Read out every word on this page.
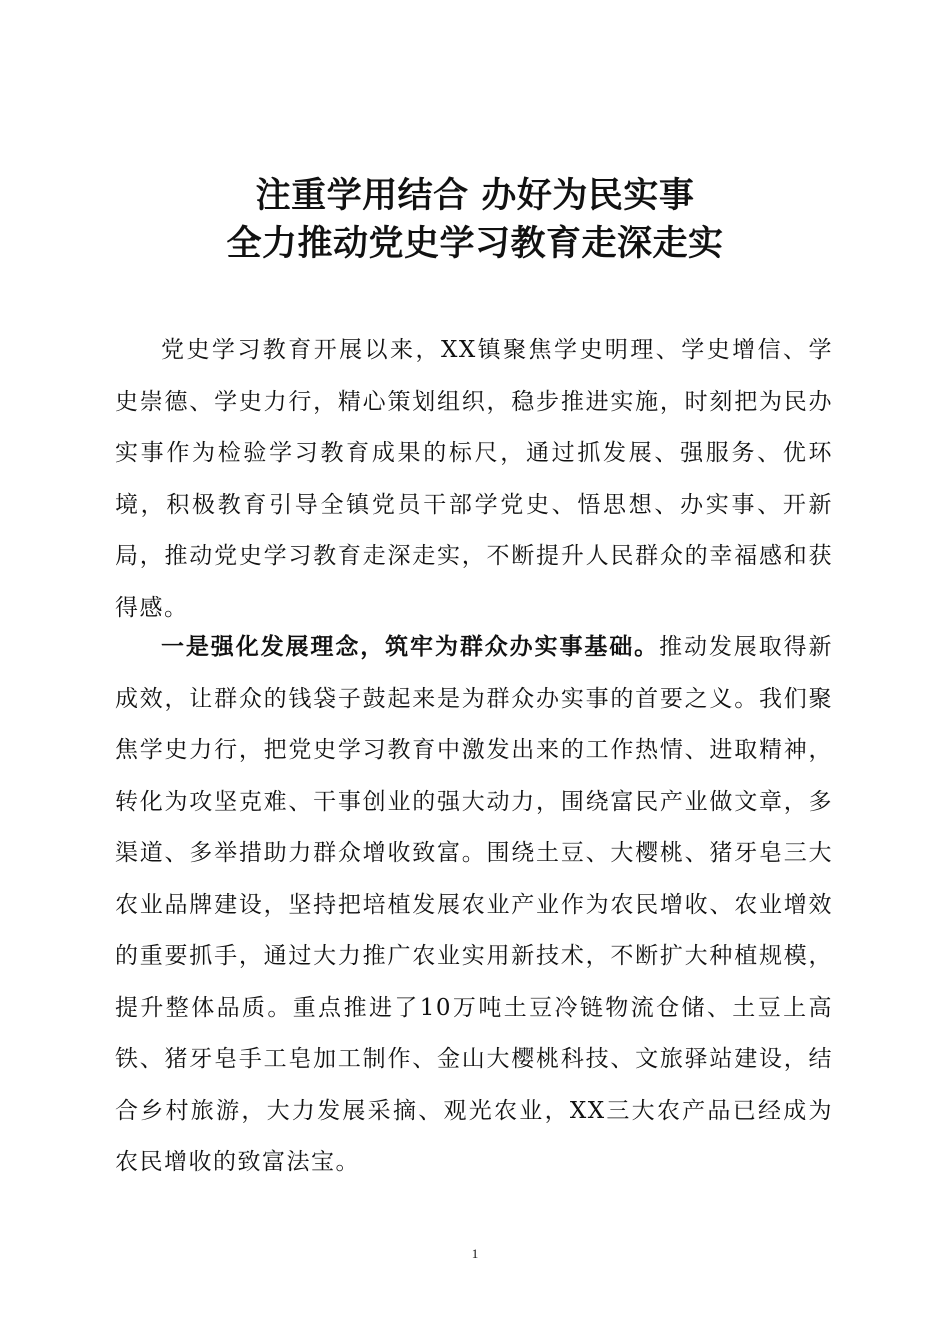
注重学用结合 办好为民实事
全力推动党史学习教育走深走实

党史学习教育开展以来，XX镇聚焦学史明理、学史增信、学史崇德、学史力行，精心策划组织，稳步推进实施，时刻把为民办实事作为检验学习教育成果的标尺，通过抓发展、强服务、优环境，积极教育引导全镇党员干部学党史、悟思想、办实事、开新局，推动党史学习教育走深走实，不断提升人民群众的幸福感和获得感。

一是强化发展理念，筑牢为群众办实事基础。推动发展取得新成效，让群众的钱袋子鼓起来是为群众办实事的首要之义。我们聚焦学史力行，把党史学习教育中激发出来的工作热情、进取精神，转化为攻坚克难、干事创业的强大动力，围绕富民产业做文章，多渠道、多举措助力群众增收致富。围绕土豆、大樱桃、猪牙皂三大农业品牌建设，坚持把培植发展农业产业作为农民增收、农业增效的重要抓手，通过大力推广农业实用新技术，不断扩大种植规模，提升整体品质。重点推进了10万吨土豆冷链物流仓储、土豆上高铁、猪牙皂手工皂加工制作、金山大樱桃科技、文旅驿站建设，结合乡村旅游，大力发展采摘、观光农业，XX三大农产品已经成为农民增收的致富法宝。

1
